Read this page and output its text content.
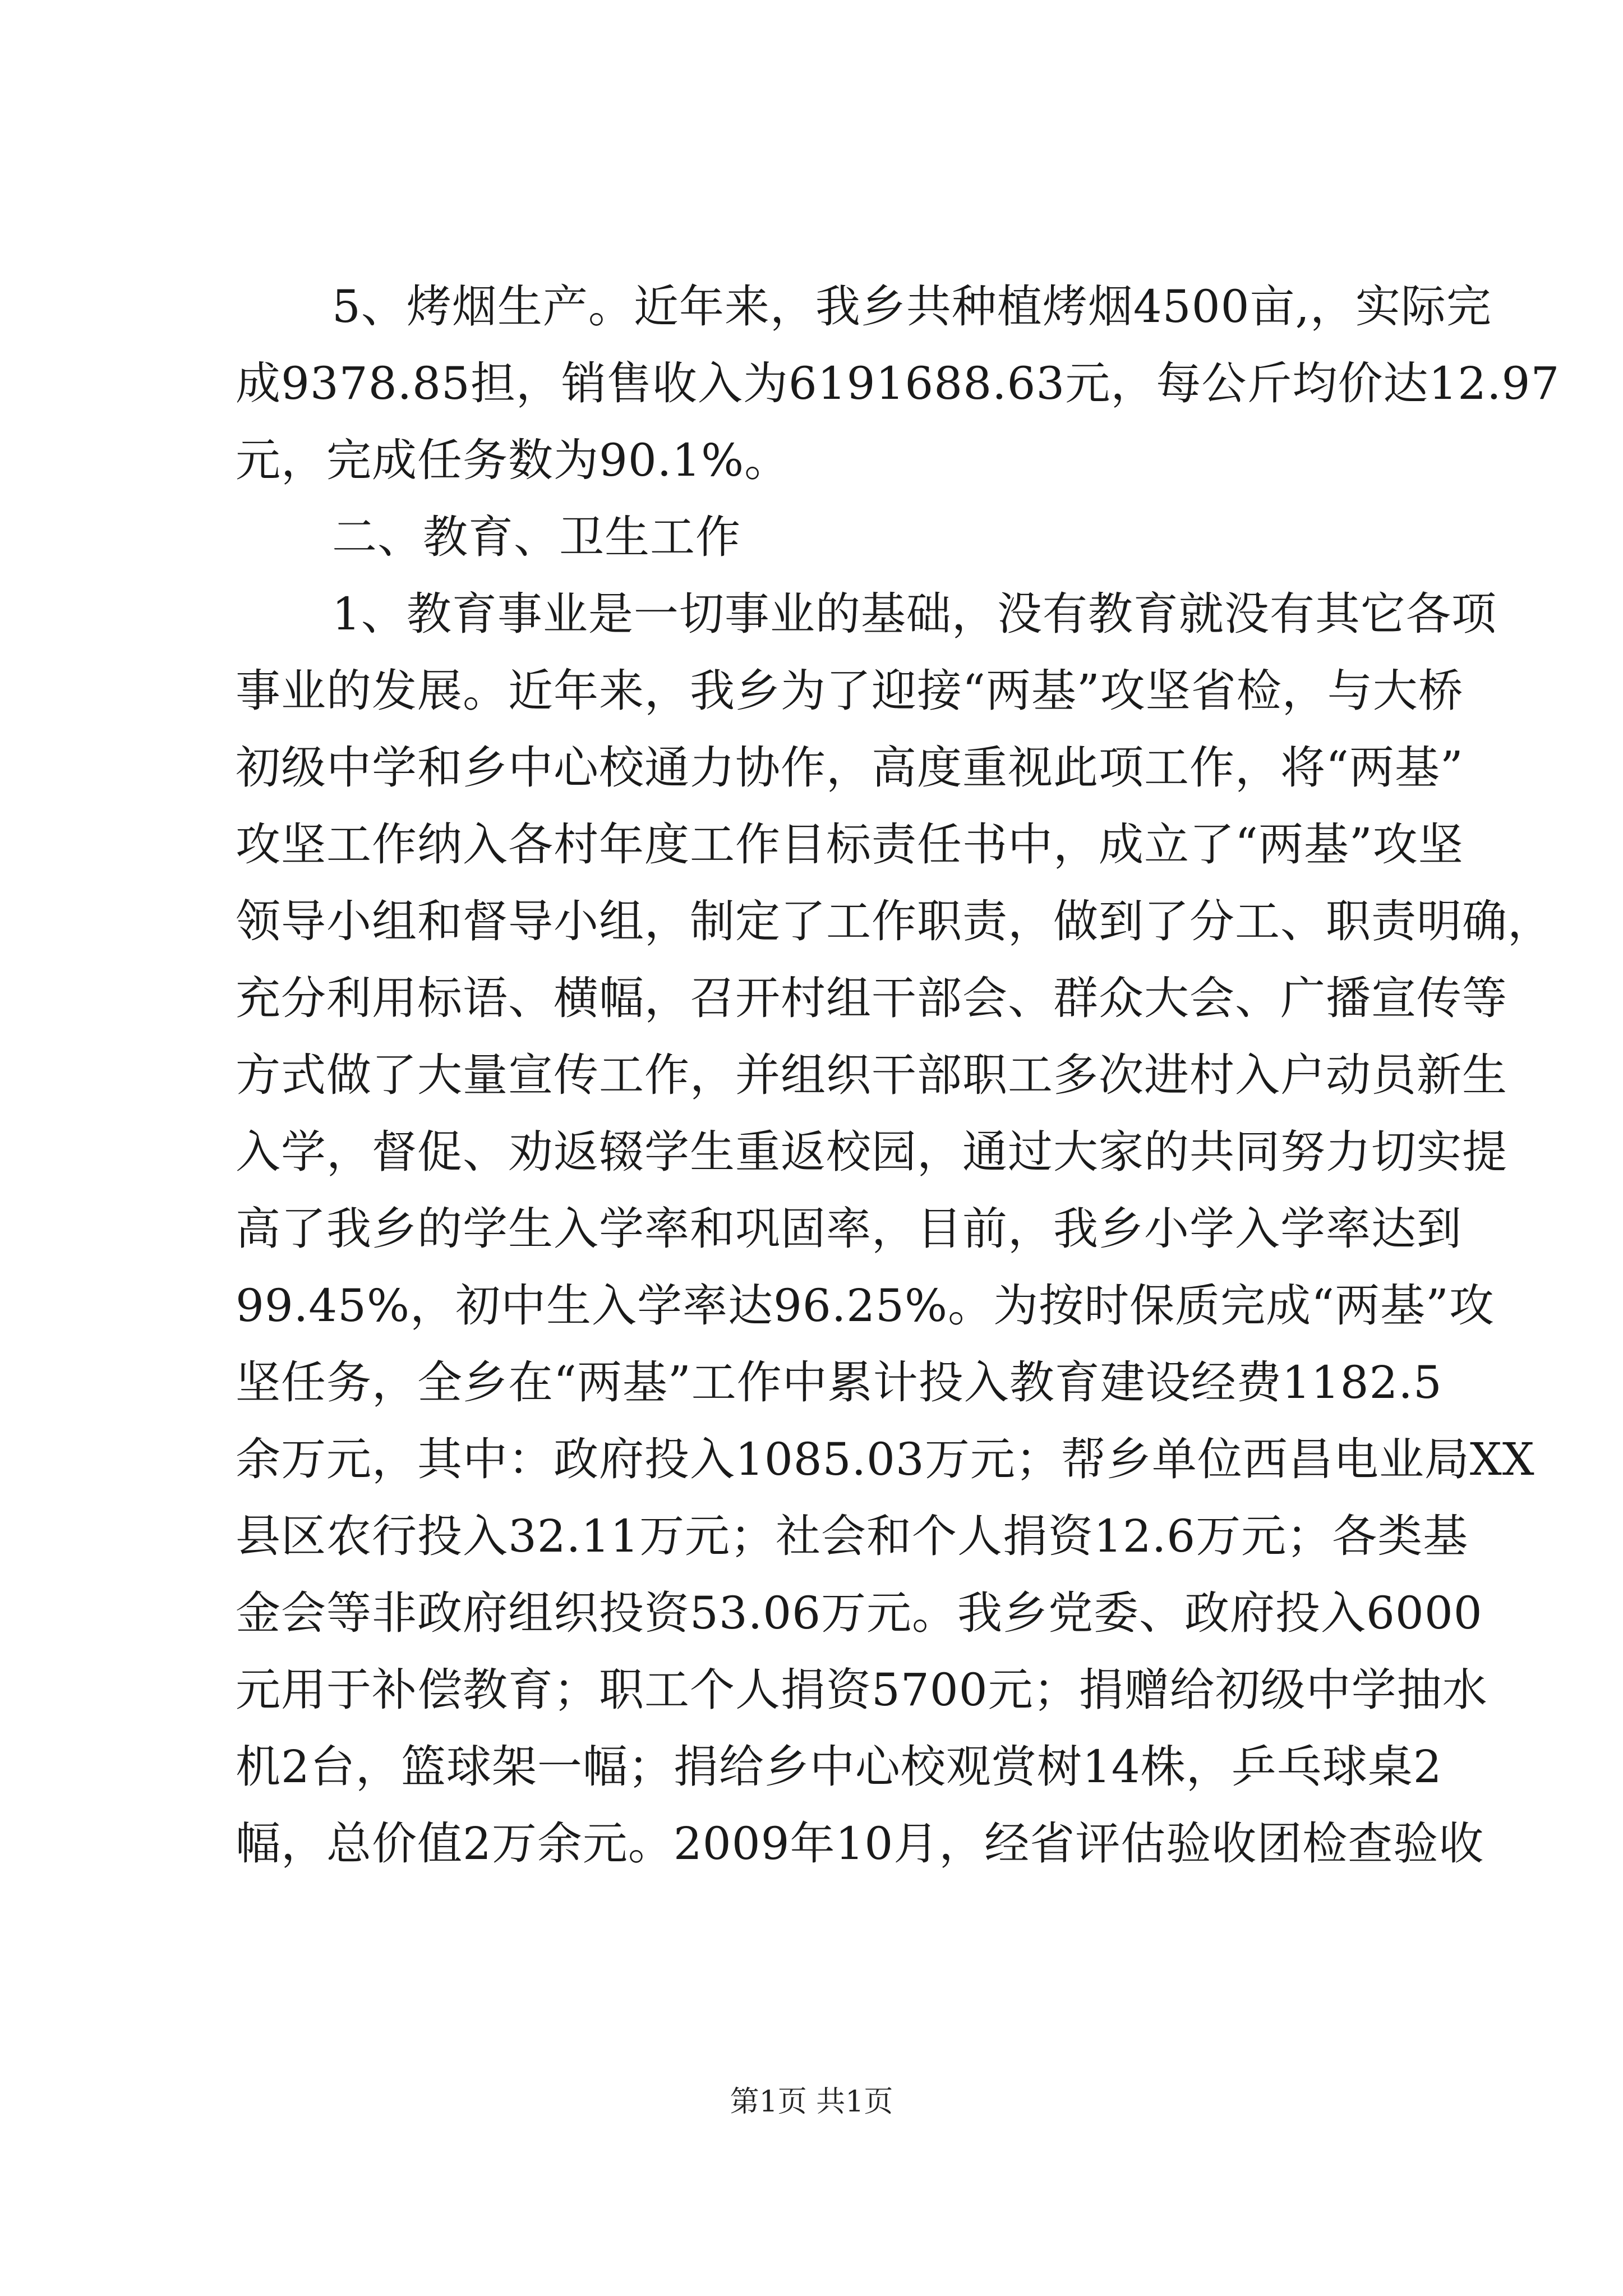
5、烤烟生产。近年来，我乡共种植烤烟4500亩,，实际完
成9378.85担，销售收入为6191688.63元，每公斤均价达12.97
元，完成任务数为90.1%。
二、教育、卫生工作
1、教育事业是一切事业的基础，没有教育就没有其它各项
事业的发展。近年来，我乡为了迎接“两基”攻坚省检，与大桥
初级中学和乡中心校通力协作，高度重视此项工作，将“两基”
攻坚工作纳入各村年度工作目标责任书中，成立了“两基”攻坚
领导小组和督导小组，制定了工作职责，做到了分工、职责明确，
充分利用标语、横幅，召开村组干部会、群众大会、广播宣传等
方式做了大量宣传工作，并组织干部职工多次进村入户动员新生
入学，督促、劝返辍学生重返校园，通过大家的共同努力切实提
高了我乡的学生入学率和巩固率，目前，我乡小学入学率达到
99.45%，初中生入学率达96.25%。为按时保质完成“两基”攻
坚任务，全乡在“两基”工作中累计投入教育建设经费1182.5
余万元，其中：政府投入1085.03万元；帮乡单位西昌电业局XX
县区农行投入32.11万元；社会和个人捐资12.6万元；各类基
金会等非政府组织投资53.06万元。我乡党委、政府投入6000
元用于补偿教育；职工个人捐资5700元；捐赠给初级中学抽水
机2台，篮球架一幅；捐给乡中心校观赏树14株，乒乓球桌2
幅，总价值2万余元。2009年10月，经省评估验收团检查验收
第1页 共1页
